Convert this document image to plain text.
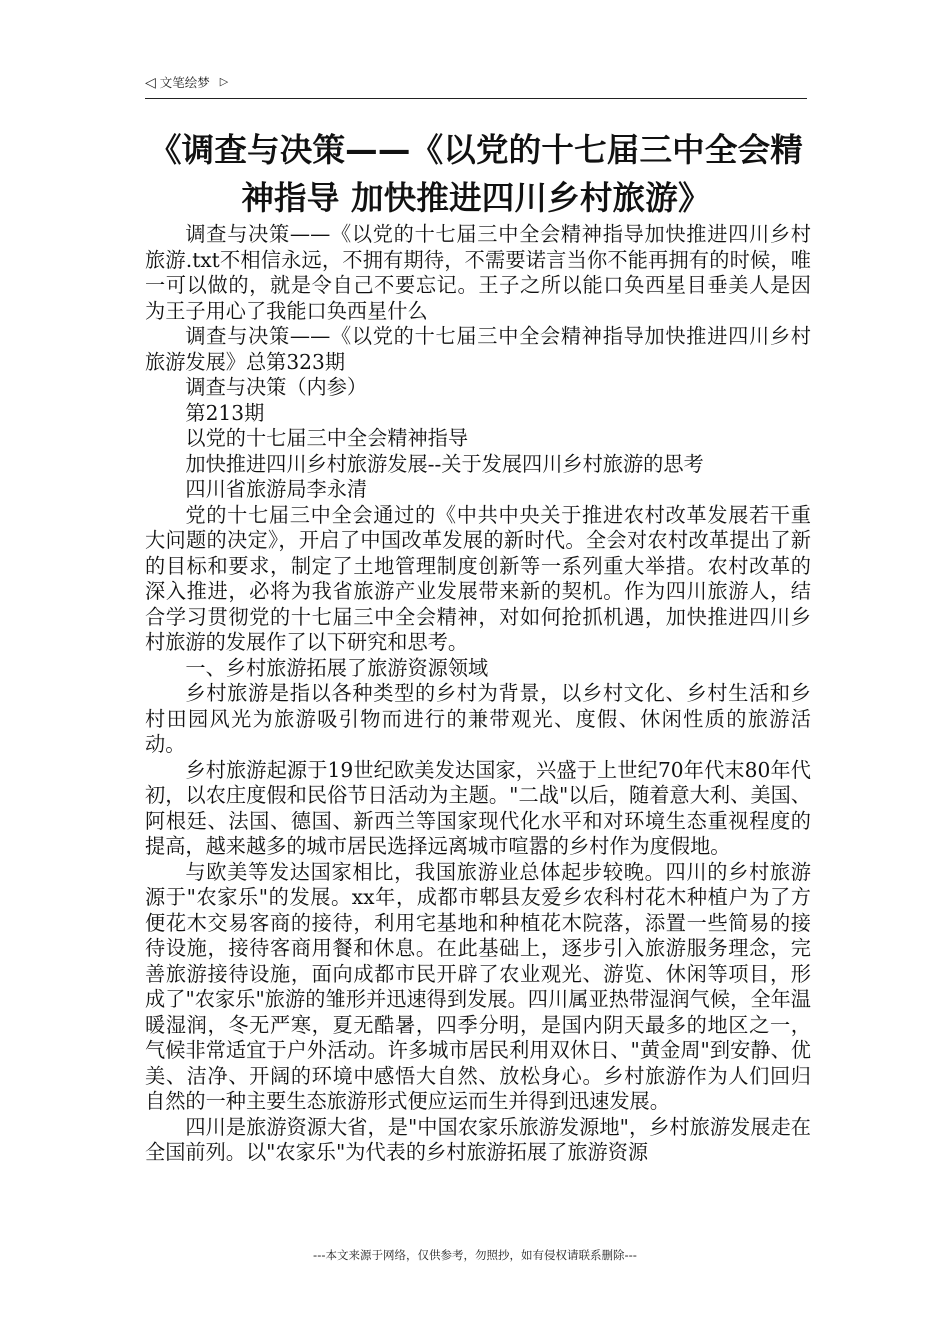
◁ 文笔绘梦 ▷
《调查与决策——《以党的十七届三中全会精神指导 加快推进四川乡村旅游》

调查与决策——《以党的十七届三中全会精神指导加快推进四川乡村旅游.txt不相信永远，不拥有期待，不需要诺言当你不能再拥有的时候，唯一可以做的，就是令自己不要忘记。王子之所以能口奂西星目垂美人是因为王子用心了我能口奂西星什么

调查与决策——《以党的十七届三中全会精神指导加快推进四川乡村旅游发展》总第323期

调查与决策（内参）

第213期

以党的十七届三中全会精神指导

加快推进四川乡村旅游发展--关于发展四川乡村旅游的思考

四川省旅游局李永清

党的十七届三中全会通过的《中共中央关于推进农村改革发展若干重大问题的决定》，开启了中国改革发展的新时代。全会对农村改革提出了新的目标和要求，制定了土地管理制度创新等一系列重大举措。农村改革的深入推进，必将为我省旅游产业发展带来新的契机。作为四川旅游人，结合学习贯彻党的十七届三中全会精神，对如何抢抓机遇，加快推进四川乡村旅游的发展作了以下研究和思考。

一、乡村旅游拓展了旅游资源领域

乡村旅游是指以各种类型的乡村为背景，以乡村文化、乡村生活和乡村田园风光为旅游吸引物而进行的兼带观光、度假、休闲性质的旅游活动。

乡村旅游起源于19世纪欧美发达国家，兴盛于上世纪70年代末80年代初，以农庄度假和民俗节日活动为主题。"二战"以后，随着意大利、美国、阿根廷、法国、德国、新西兰等国家现代化水平和对环境生态重视程度的提高，越来越多的城市居民选择远离城市喧嚣的乡村作为度假地。

与欧美等发达国家相比，我国旅游业总体起步较晚。四川的乡村旅游源于"农家乐"的发展。xx年，成都市郫县友爱乡农科村花木种植户为了方便花木交易客商的接待，利用宅基地和种植花木院落，添置一些简易的接待设施，接待客商用餐和休息。在此基础上，逐步引入旅游服务理念，完善旅游接待设施，面向成都市民开辟了农业观光、游览、休闲等项目，形成了"农家乐"旅游的雏形并迅速得到发展。四川属亚热带湿润气候，全年温暖湿润，冬无严寒，夏无酷暑，四季分明，是国内阴天最多的地区之一，气候非常适宜于户外活动。许多城市居民利用双休日、"黄金周"到安静、优美、洁净、开阔的环境中感悟大自然、放松身心。乡村旅游作为人们回归自然的一种主要生态旅游形式便应运而生并得到迅速发展。

四川是旅游资源大省，是"中国农家乐旅游发源地"，乡村旅游发展走在全国前列。以"农家乐"为代表的乡村旅游拓展了旅游资源

---本文来源于网络，仅供参考，勿照抄，如有侵权请联系删除---
